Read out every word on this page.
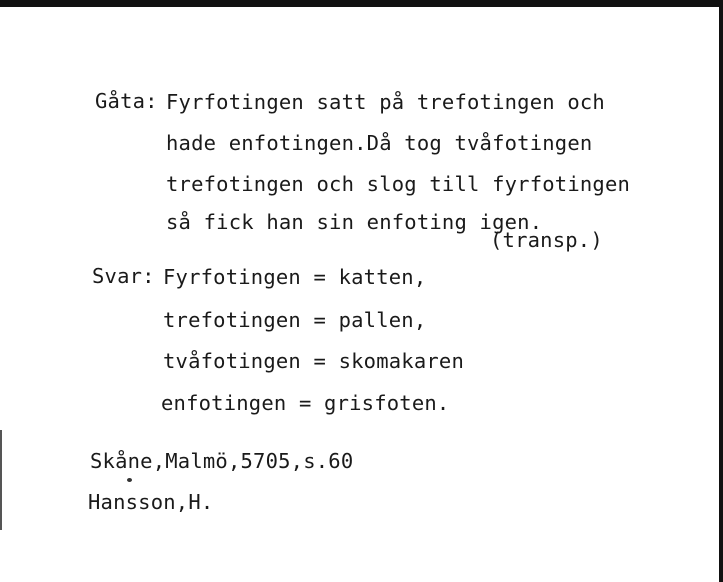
Gåta: Fyrfotingen satt på trefotingen och
hade enfotingen.Då tog tvåfotingen
trefotingen och slog till fyrfotingen
så fick han sin enfoting igen.
(transp.)
Svar: Fyrfotingen = katten,
trefotingen = pallen,
tvåfotingen = skomakaren
enfotingen = grisfoten.
Skåne,Malmö,5705,s.60
Hansson,H.
